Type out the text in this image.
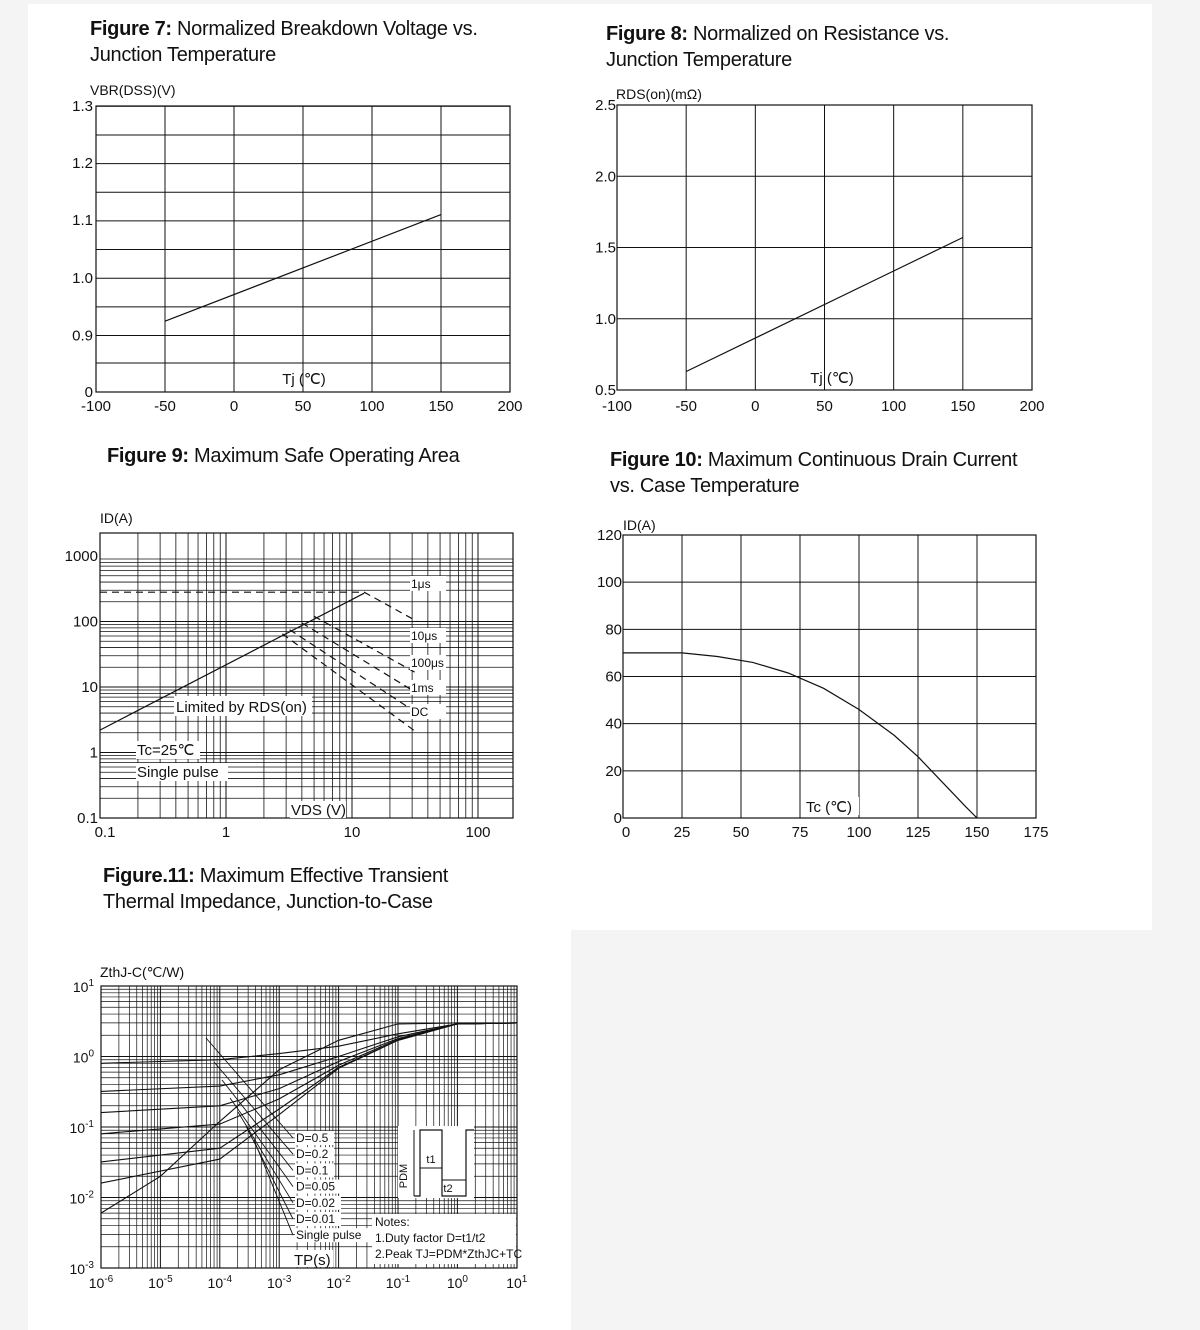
Figure 7: Normalized Breakdown Voltage vs.
Junction Temperature
Figure 8: Normalized on Resistance vs.
Junction Temperature
Figure 9: Maximum Safe Operating Area	Figure 10: Maximum Continuous Drain Current
vs. Case Temperature
Figure.11: Maximum Effective Transient
Thermal Impedance, Junction-to-Case
0
0.9
1.0
1.1
1.2
1.3
-100	-50	0	50	100	150	200
VBR(DSS)(V)
Tj (℃)
0.5
1.0
1.5
2.0
2.5
-100	-50	0	50	100	150	200
RDS(on)(mΩ)
Tj (℃)
0.1
1
10
100
1000
0.1	1	10	100
ID(A)
Limited by RDS(on)
Tc=25℃
Single pulse
VDS (V)
1μs
10μs
100μs
1ms
DC
0
20
40
60
80
100
120
0	25	50	75	100 125 150 175
ID(A)
Tc (℃)
$10^{-3}$
$10^{-2}$
$10^{-1}$
$10^0$
$10^1$
$10^{-6}$ $10^{-5}$ $10^{-4}$ $10^{-3}$ $10^{-2}$ $10^{-1}$	$10^0$	$10^1$
ZthJ-C(℃/W)
D=0.5
D=0.2
D=0.1
D=0.05
D=0.02
D=0.01
Single pulse
Notes:
1.Duty factor D=t1/t2
2.Peak TJ=PDM*ZthJC+TC
PDM
t1
t2
TP(s)
